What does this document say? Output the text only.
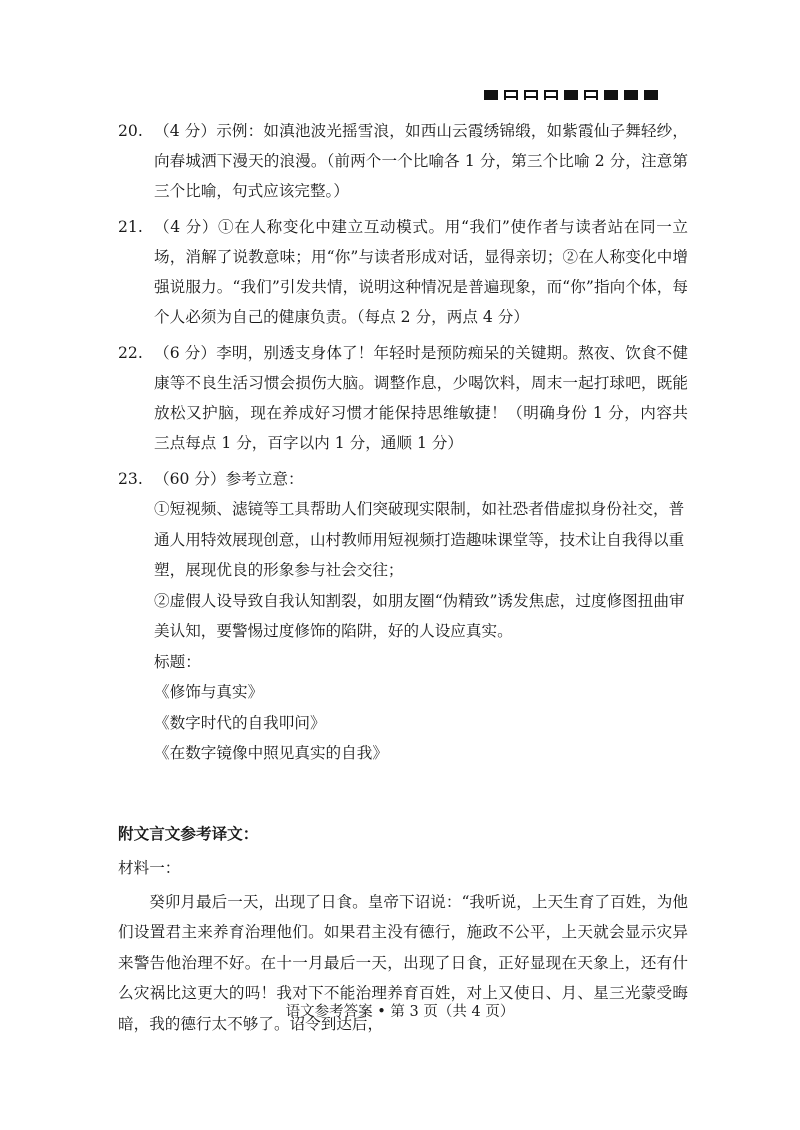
20. （4 分）示例：如滇池波光摇雪浪，如西山云霞绣锦缎，如紫霞仙子舞轻纱，向春城洒下漫天的浪漫。（前两个一个比喻各 1 分，第三个比喻 2 分，注意第三个比喻，句式应该完整。）
21. （4 分）①在人称变化中建立互动模式。用“我们”使作者与读者站在同一立场，消解了说教意味；用“你”与读者形成对话，显得亲切；②在人称变化中增强说服力。“我们”引发共情，说明这种情况是普遍现象，而“你”指向个体，每个人必须为自己的健康负责。（每点 2 分，两点 4 分）
22. （6 分）李明，别透支身体了！年轻时是预防痴呆的关键期。熬夜、饮食不健康等不良生活习惯会损伤大脑。调整作息，少喝饮料，周末一起打球吧，既能放松又护脑，现在养成好习惯才能保持思维敏捷！（明确身份 1 分，内容共三点每点 1 分，百字以内 1 分，通顺 1 分）
23. （60 分）参考立意：
①短视频、滤镜等工具帮助人们突破现实限制，如社恐者借虚拟身份社交，普通人用特效展现创意，山村教师用短视频打造趣味课堂等，技术让自我得以重塑，展现优良的形象参与社会交往；
②虚假人设导致自我认知割裂，如朋友圈“伪精致”诱发焦虑，过度修图扭曲审美认知，要警惕过度修饰的陷阱，好的人设应真实。
标题：
《修饰与真实》
《数字时代的自我叩问》
《在数字镜像中照见真实的自我》
附文言文参考译文：
材料一：
癸卯月最后一天，出现了日食。皇帝下诏说：“我听说，上天生育了百姓，为他们设置君主来养育治理他们。如果君主没有德行，施政不公平，上天就会显示灾异来警告他治理不好。在十一月最后一天，出现了日食，正好显现在天象上，还有什么灾祸比这更大的吗！我对下不能治理养育百姓，对上又使日、月、星三光蒙受晦暗，我的德行太不够了。诏令到达后，
语文参考答案 • 第 3 页（共 4 页）
